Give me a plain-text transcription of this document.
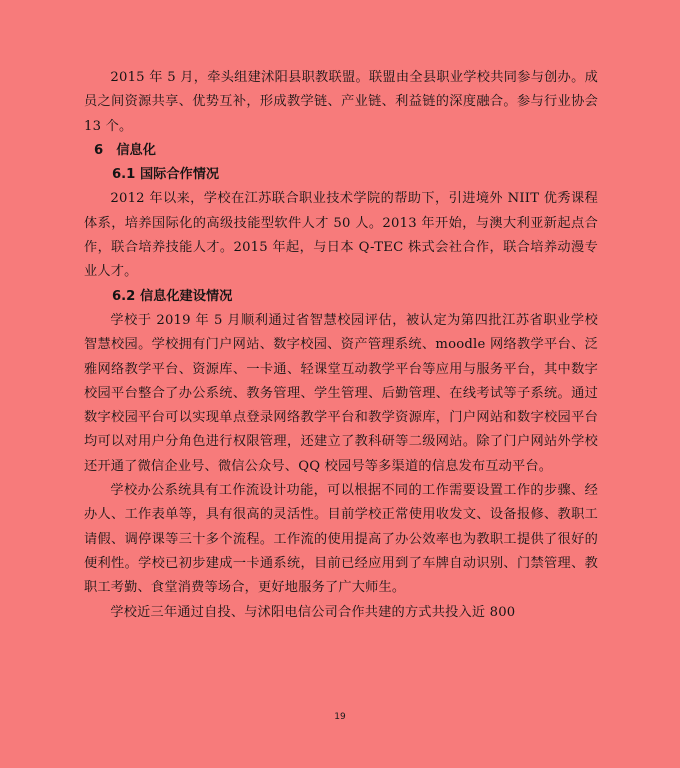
2015 年 5 月，牵头组建沭阳县职教联盟。联盟由全县职业学校共同参与创办。成员之间资源共享、优势互补，形成教学链、产业链、利益链的深度融合。参与行业协会 13 个。

6　信息化
6.1 国际合作情况

2012 年以来，学校在江苏联合职业技术学院的帮助下，引进境外 NIIT 优秀课程体系，培养国际化的高级技能型软件人才 50 人。2013 年开始，与澳大利亚新起点合作，联合培养技能人才。2015 年起，与日本 Q-TEC 株式会社合作，联合培养动漫专业人才。

6.2 信息化建设情况

学校于 2019 年 5 月顺利通过省智慧校园评估，被认定为第四批江苏省职业学校智慧校园。学校拥有门户网站、数字校园、资产管理系统、moodle 网络教学平台、泛雅网络教学平台、资源库、一卡通、轻课堂互动教学平台等应用与服务平台，其中数字校园平台整合了办公系统、教务管理、学生管理、后勤管理、在线考试等子系统。通过数字校园平台可以实现单点登录网络教学平台和教学资源库，门户网站和数字校园平台均可以对用户分角色进行权限管理，还建立了教科研等二级网站。除了门户网站外学校还开通了微信企业号、微信公众号、QQ 校园号等多渠道的信息发布互动平台。

学校办公系统具有工作流设计功能，可以根据不同的工作需要设置工作的步骤、经办人、工作表单等，具有很高的灵活性。目前学校正常使用收发文、设备报修、教职工请假、调停课等三十多个流程。工作流的使用提高了办公效率也为教职工提供了很好的便利性。学校已初步建成一卡通系统，目前已经应用到了车牌自动识别、门禁管理、教职工考勤、食堂消费等场合，更好地服务了广大师生。

学校近三年通过自投、与沭阳电信公司合作共建的方式共投入近 800

19
